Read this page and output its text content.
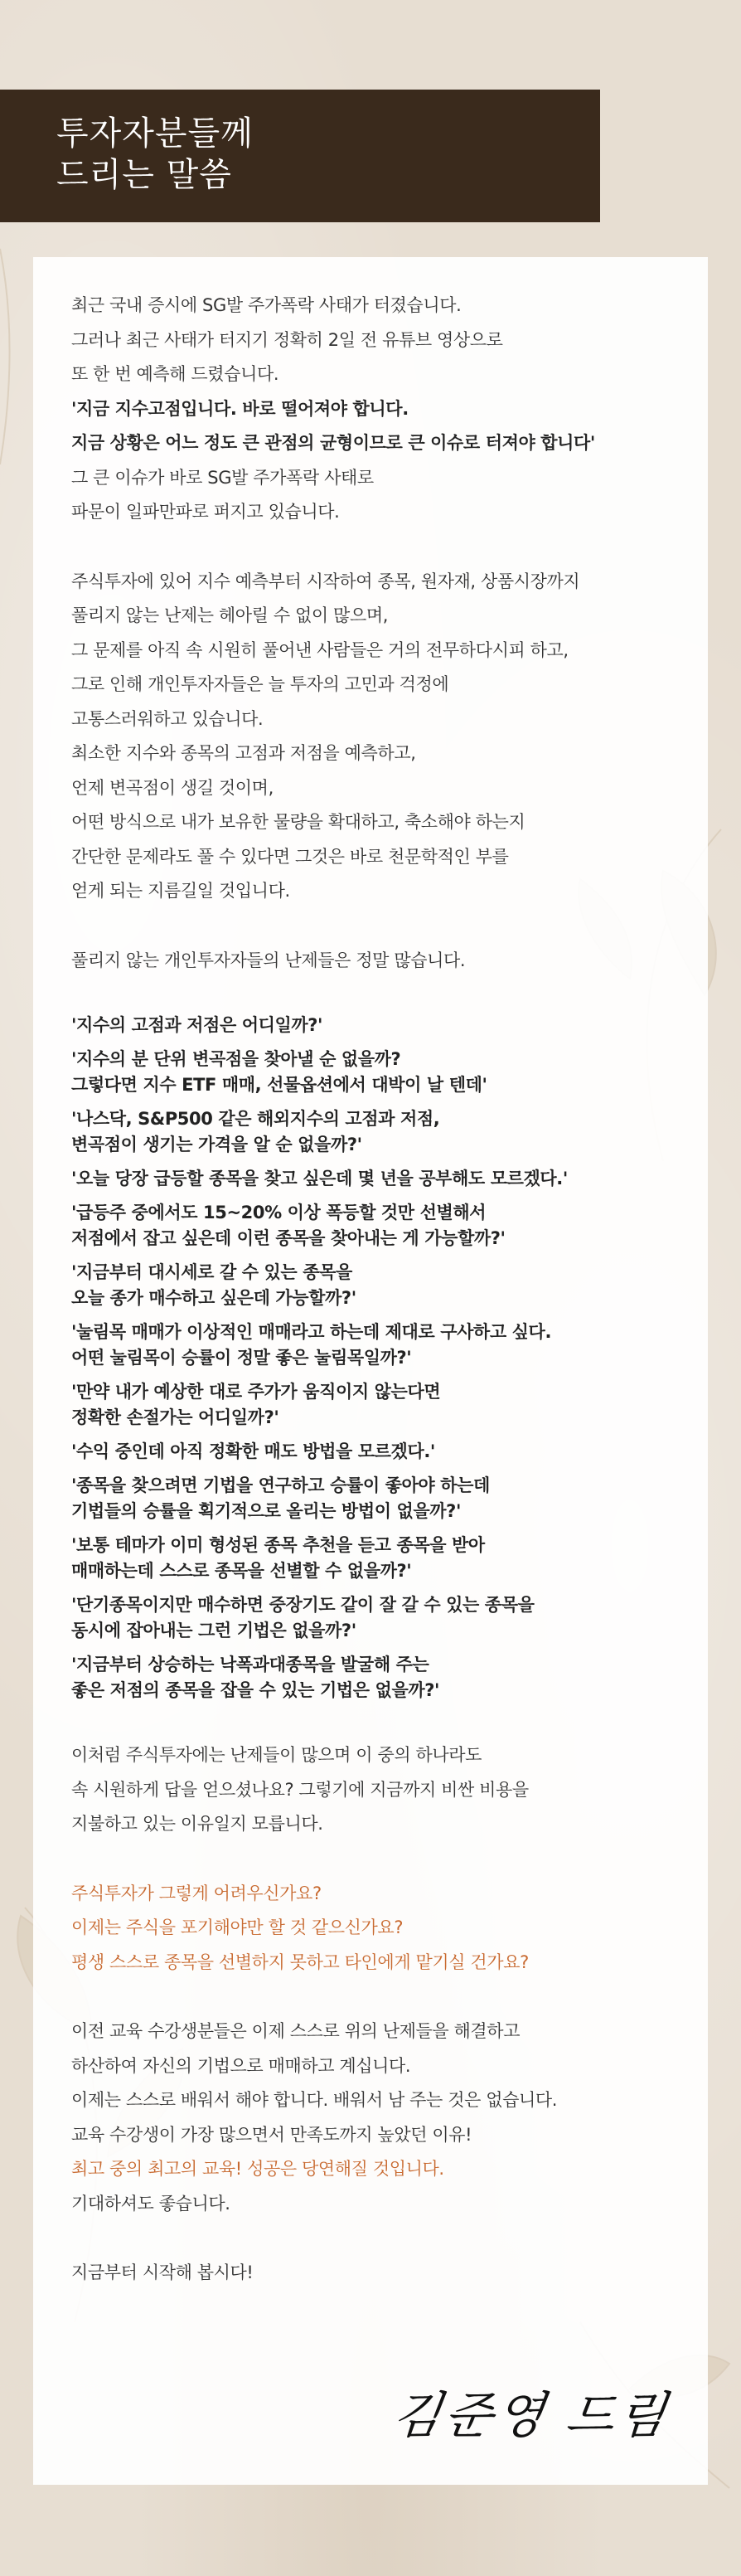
투자자분들께
드리는 말씀
최근 국내 증시에 SG발 주가폭락 사태가 터졌습니다.
그러나 최근 사태가 터지기 정확히 2일 전 유튜브 영상으로
또 한 번 예측해 드렸습니다.
'지금 지수고점입니다. 바로 떨어져야 합니다.
지금 상황은 어느 정도 큰 관점의 균형이므로 큰 이슈로 터져야 합니다'
그 큰 이슈가 바로 SG발 주가폭락 사태로
파문이 일파만파로 퍼지고 있습니다.
주식투자에 있어 지수 예측부터 시작하여 종목, 원자재, 상품시장까지
풀리지 않는 난제는 헤아릴 수 없이 많으며,
그 문제를 아직 속 시원히 풀어낸 사람들은 거의 전무하다시피 하고,
그로 인해 개인투자자들은 늘 투자의 고민과 걱정에
고통스러워하고 있습니다.
최소한 지수와 종목의 고점과 저점을 예측하고,
언제 변곡점이 생길 것이며,
어떤 방식으로 내가 보유한 물량을 확대하고, 축소해야 하는지
간단한 문제라도 풀 수 있다면 그것은 바로 천문학적인 부를
얻게 되는 지름길일 것입니다.
풀리지 않는 개인투자자들의 난제들은 정말 많습니다.
'지수의 고점과 저점은 어디일까?'
'지수의 분 단위 변곡점을 찾아낼 순 없을까?
그렇다면 지수 ETF 매매, 선물옵션에서 대박이 날 텐데'
'나스닥, S&P500 같은 해외지수의 고점과 저점,
변곡점이 생기는 가격을 알 순 없을까?'
'오늘 당장 급등할 종목을 찾고 싶은데 몇 년을 공부해도 모르겠다.'
'급등주 중에서도 15~20% 이상 폭등할 것만 선별해서
저점에서 잡고 싶은데 이런 종목을 찾아내는 게 가능할까?'
'지금부터 대시세로 갈 수 있는 종목을
오늘 종가 매수하고 싶은데 가능할까?'
'눌림목 매매가 이상적인 매매라고 하는데 제대로 구사하고 싶다.
어떤 눌림목이 승률이 정말 좋은 눌림목일까?'
'만약 내가 예상한 대로 주가가 움직이지 않는다면
정확한 손절가는 어디일까?'
'수익 중인데 아직 정확한 매도 방법을 모르겠다.'
'종목을 찾으려면 기법을 연구하고 승률이 좋아야 하는데
기법들의 승률을 획기적으로 올리는 방법이 없을까?'
'보통 테마가 이미 형성된 종목 추천을 듣고 종목을 받아
매매하는데 스스로 종목을 선별할 수 없을까?'
'단기종목이지만 매수하면 중장기도 같이 잘 갈 수 있는 종목을
동시에 잡아내는 그런 기법은 없을까?'
'지금부터 상승하는 낙폭과대종목을 발굴해 주는
좋은 저점의 종목을 잡을 수 있는 기법은 없을까?'
이처럼 주식투자에는 난제들이 많으며 이 중의 하나라도
속 시원하게 답을 얻으셨나요? 그렇기에 지금까지 비싼 비용을
지불하고 있는 이유일지 모릅니다.
주식투자가 그렇게 어려우신가요?
이제는 주식을 포기해야만 할 것 같으신가요?
평생 스스로 종목을 선별하지 못하고 타인에게 맡기실 건가요?
이전 교육 수강생분들은 이제 스스로 위의 난제들을 해결하고
하산하여 자신의 기법으로 매매하고 계십니다.
이제는 스스로 배워서 해야 합니다. 배워서 남 주는 것은 없습니다.
교육 수강생이 가장 많으면서 만족도까지 높았던 이유!
최고 중의 최고의 교육! 성공은 당연해질 것입니다.
기대하셔도 좋습니다.
지금부터 시작해 봅시다!
김준영 드림
